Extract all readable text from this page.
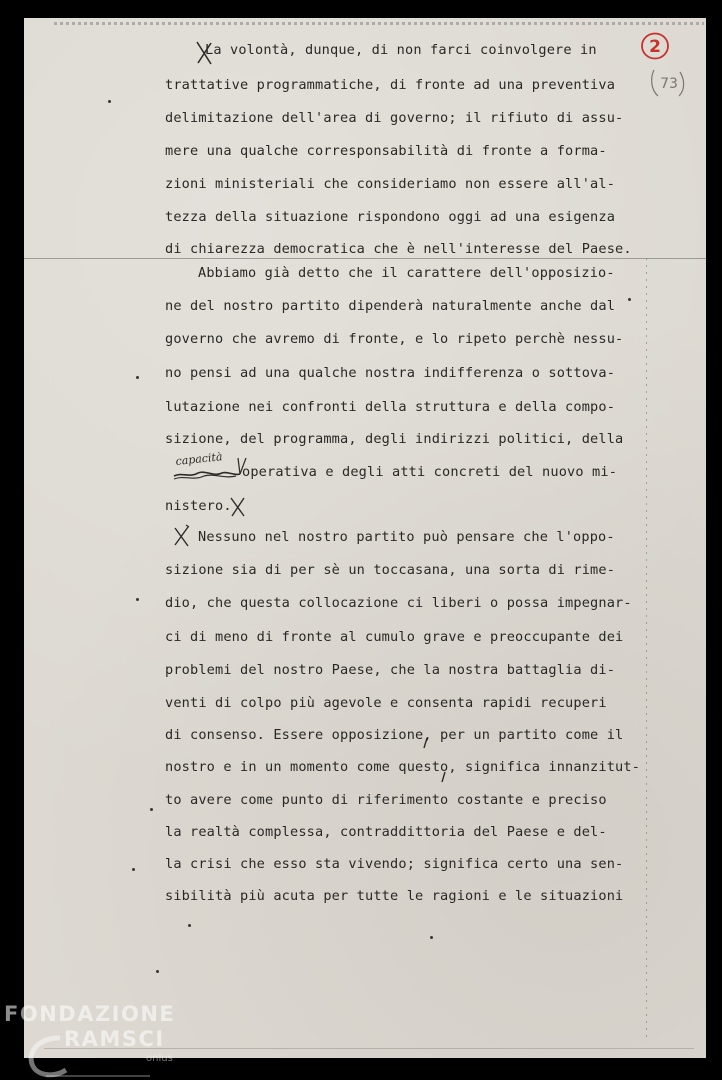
2
73
capacità
La volontà, dunque, di non farci coinvolgere in
trattative programmatiche, di fronte ad una preventiva
delimitazione dell'area di governo; il rifiuto di assu-
mere una qualche corresponsabilità di fronte a forma-
zioni ministeriali che consideriamo non essere all'al-
tezza della situazione rispondono oggi ad una esigenza
di chiarezza democratica che è nell'interesse del Paese.
Abbiamo già detto che il carattere dell'opposizio-
ne del nostro partito dipenderà naturalmente anche dal
governo che avremo di fronte, e lo ripeto perchè nessu-
no pensi ad una qualche nostra indifferenza o sottova-
lutazione nei confronti della struttura e della compo-
sizione, del programma, degli indirizzi politici, della
operativa e degli atti concreti del nuovo mi-
nistero.
Nessuno nel nostro partito può pensare che l'oppo-
sizione sia di per sè un toccasana, una sorta di rime-
dio, che questa collocazione ci liberi o possa impegnar-
ci di meno di fronte al cumulo grave e preoccupante dei
problemi del nostro Paese, che la nostra battaglia di-
venti di colpo più agevole e consenta rapidi recuperi
di consenso. Essere opposizione, per un partito come il
nostro e in un momento come questo, significa innanzitut-
to avere come punto di riferimento costante e preciso
la realtà complessa, contraddittoria del Paese e del-
la crisi che esso sta vivendo; significa certo una sen-
sibilità più acuta per tutte le ragioni e le situazioni
FONDAZIONE
RAMSCI
onlus
